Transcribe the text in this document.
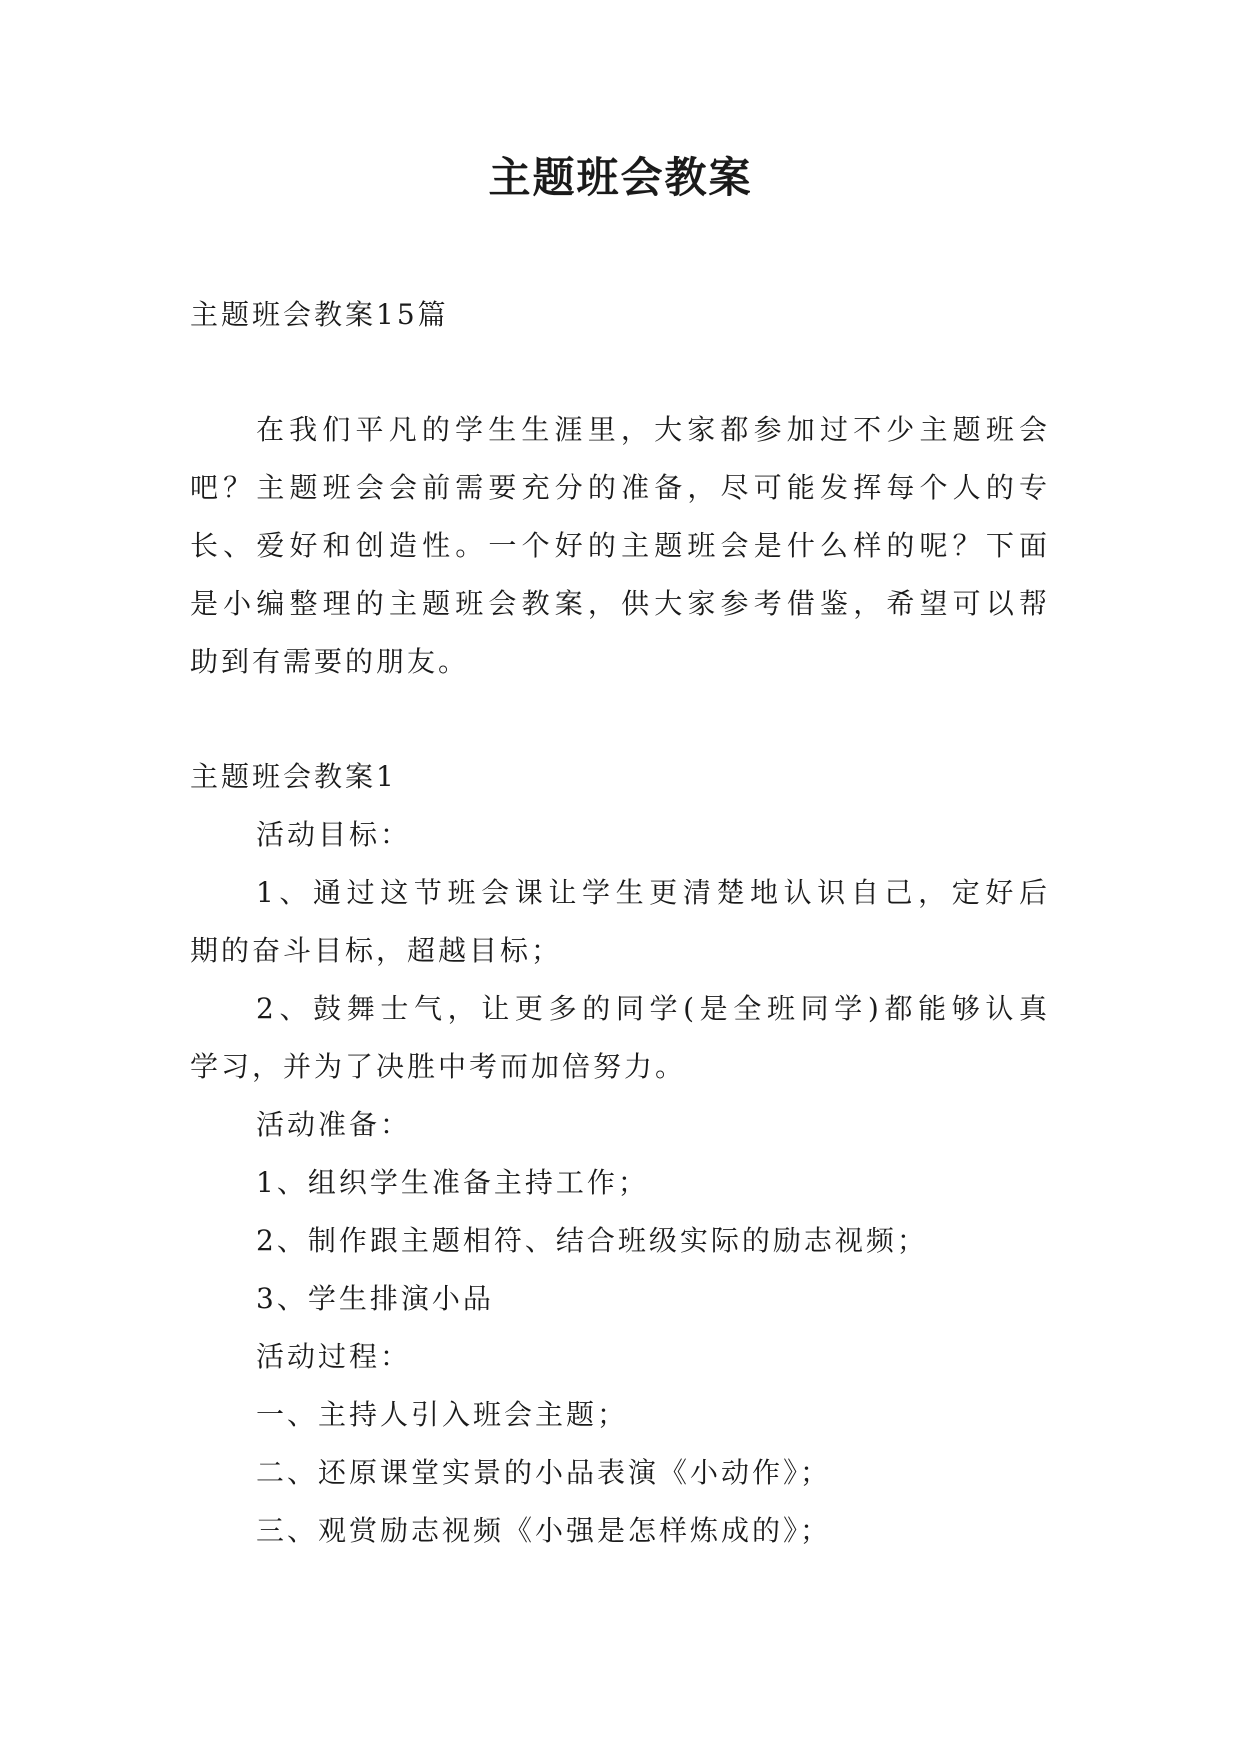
主题班会教案
主题班会教案15篇
在我们平凡的学生生涯里，大家都参加过不少主题班会
吧？主题班会会前需要充分的准备，尽可能发挥每个人的专
长、爱好和创造性。一个好的主题班会是什么样的呢？下面
是小编整理的主题班会教案，供大家参考借鉴，希望可以帮
助到有需要的朋友。
主题班会教案1
活动目标：
1、通过这节班会课让学生更清楚地认识自己，定好后
期的奋斗目标，超越目标；
2、鼓舞士气，让更多的同学(是全班同学)都能够认真
学习，并为了决胜中考而加倍努力。
活动准备：
1、组织学生准备主持工作；
2、制作跟主题相符、结合班级实际的励志视频；
3、学生排演小品
活动过程：
一、主持人引入班会主题；
二、还原课堂实景的小品表演《小动作》；
三、观赏励志视频《小强是怎样炼成的》；
